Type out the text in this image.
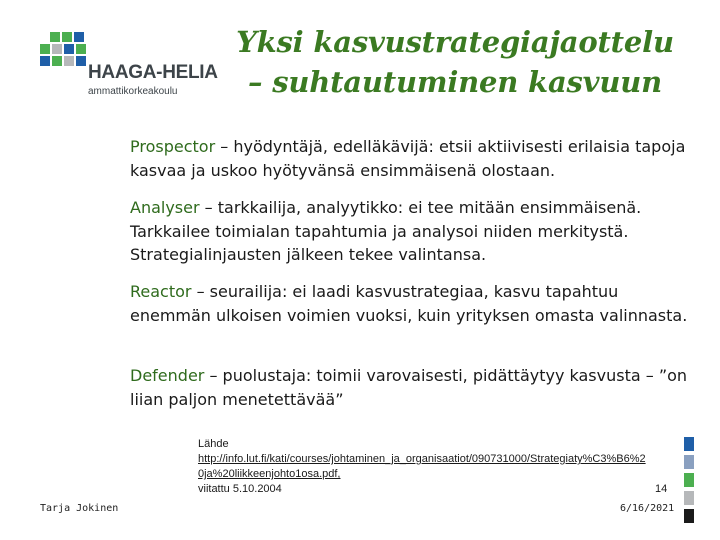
HAAGA-HELIA
ammattikorkeakoulu
Yksi kasvustrategiajaottelu
– suhtautuminen kasvuun
Prospector – hyödyntäjä, edelläkävijä: etsii aktiivisesti erilaisia tapoja kasvaa ja uskoo hyötyvänsä ensimmäisenä olostaan.
Analyser – tarkkailija, analyytikko: ei tee mitään ensimmäisenä. Tarkkailee toimialan tapahtumia ja analysoi niiden merkitystä. Strategialinjausten jälkeen tekee valintansa.
Reactor – seurailija: ei laadi kasvustrategiaa, kasvu tapahtuu enemmän ulkoisen voimien vuoksi, kuin yrityksen omasta valinnasta.
Defender – puolustaja: toimii varovaisesti, pidättäytyy kasvusta – ”on liian paljon menetettävää”
Lähde
http://info.lut.fi/kati/courses/johtaminen_ja_organisaatiot/090731000/Strategiaty%C3%B6%20ja%20liikkeenjohto1osa.pdf,
viitattu 5.10.2004	14
Tarja Jokinen	6/16/2021
